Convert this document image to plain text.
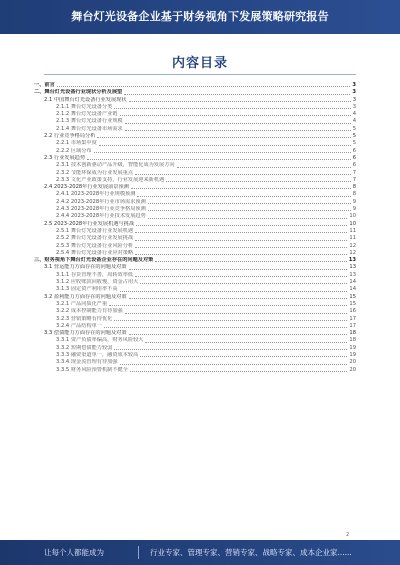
舞台灯光设备企业基于财务视角下发展策略研究报告
内容目录
一、前言	3
二、舞台灯光设备行业现状分析及展望	3
2.1 中国舞台灯光设备行业发展现状	3
2.1.1 舞台灯光设备分类	3
2.1.2 舞台灯光设备产业链	4
2.1.3 舞台灯光设备行业规模	4
2.1.4 舞台灯光设备市场需求	5
2.2 行业竞争格局分析	5
2.2.1 市场集中度	5
2.2.2 区域分布	6
2.3 行业发展趋势	6
2.3.1 技术创新驱动产品升级，智能化成为发展方向	6
2.3.2 节能环保成为行业发展重点	7
2.3.3 文化产业政策支持，行业发展迎来新机遇	7
2.4 2023-2028年行业发展前景预测	8
2.4.1 2023-2028年行业规模预测	8
2.4.2 2023-2028年行业市场需求预测	9
2.4.3 2023-2028年行业竞争格局预测	9
2.4.4 2023-2028年行业技术发展趋势	10
2.5 2023-2028年行业发展机遇与挑战	10
2.5.1 舞台灯光设备行业发展机遇	11
2.5.2 舞台灯光设备行业发展挑战	11
2.5.3 舞台灯光设备行业风险分析	12
2.5.4 舞台灯光设备行业应对策略	12
三、财务视角下舞台灯光设备企业存在的问题及对策	13
3.1 营运能力方面存在的问题及对策	13
3.1.1 存货管理不善，周转效率低	13
3.1.2 应收账款回收慢，资金占用大	14
3.1.3 固定资产利用率不高	14
3.2 盈利能力方面存在的问题及对策	15
3.2.1 产品同质化严重	15
3.2.2 成本控制能力有待加强	16
3.2.3 营销策略有待优化	17
3.2.4 产品结构单一	17
3.3 偿债能力方面存在的问题及对策	18
3.3.1 资产负债率偏高，财务风险较大	18
3.3.2 短期偿债能力较弱	19
3.3.3 融资渠道单一，融资成本较高	19
3.3.4 现金流管理有待加强	20
3.3.5 财务风险预警机制不健全	20
2
让每个人都能成为	行业专家、管理专家、营销专家、战略专家、成本企业家......
